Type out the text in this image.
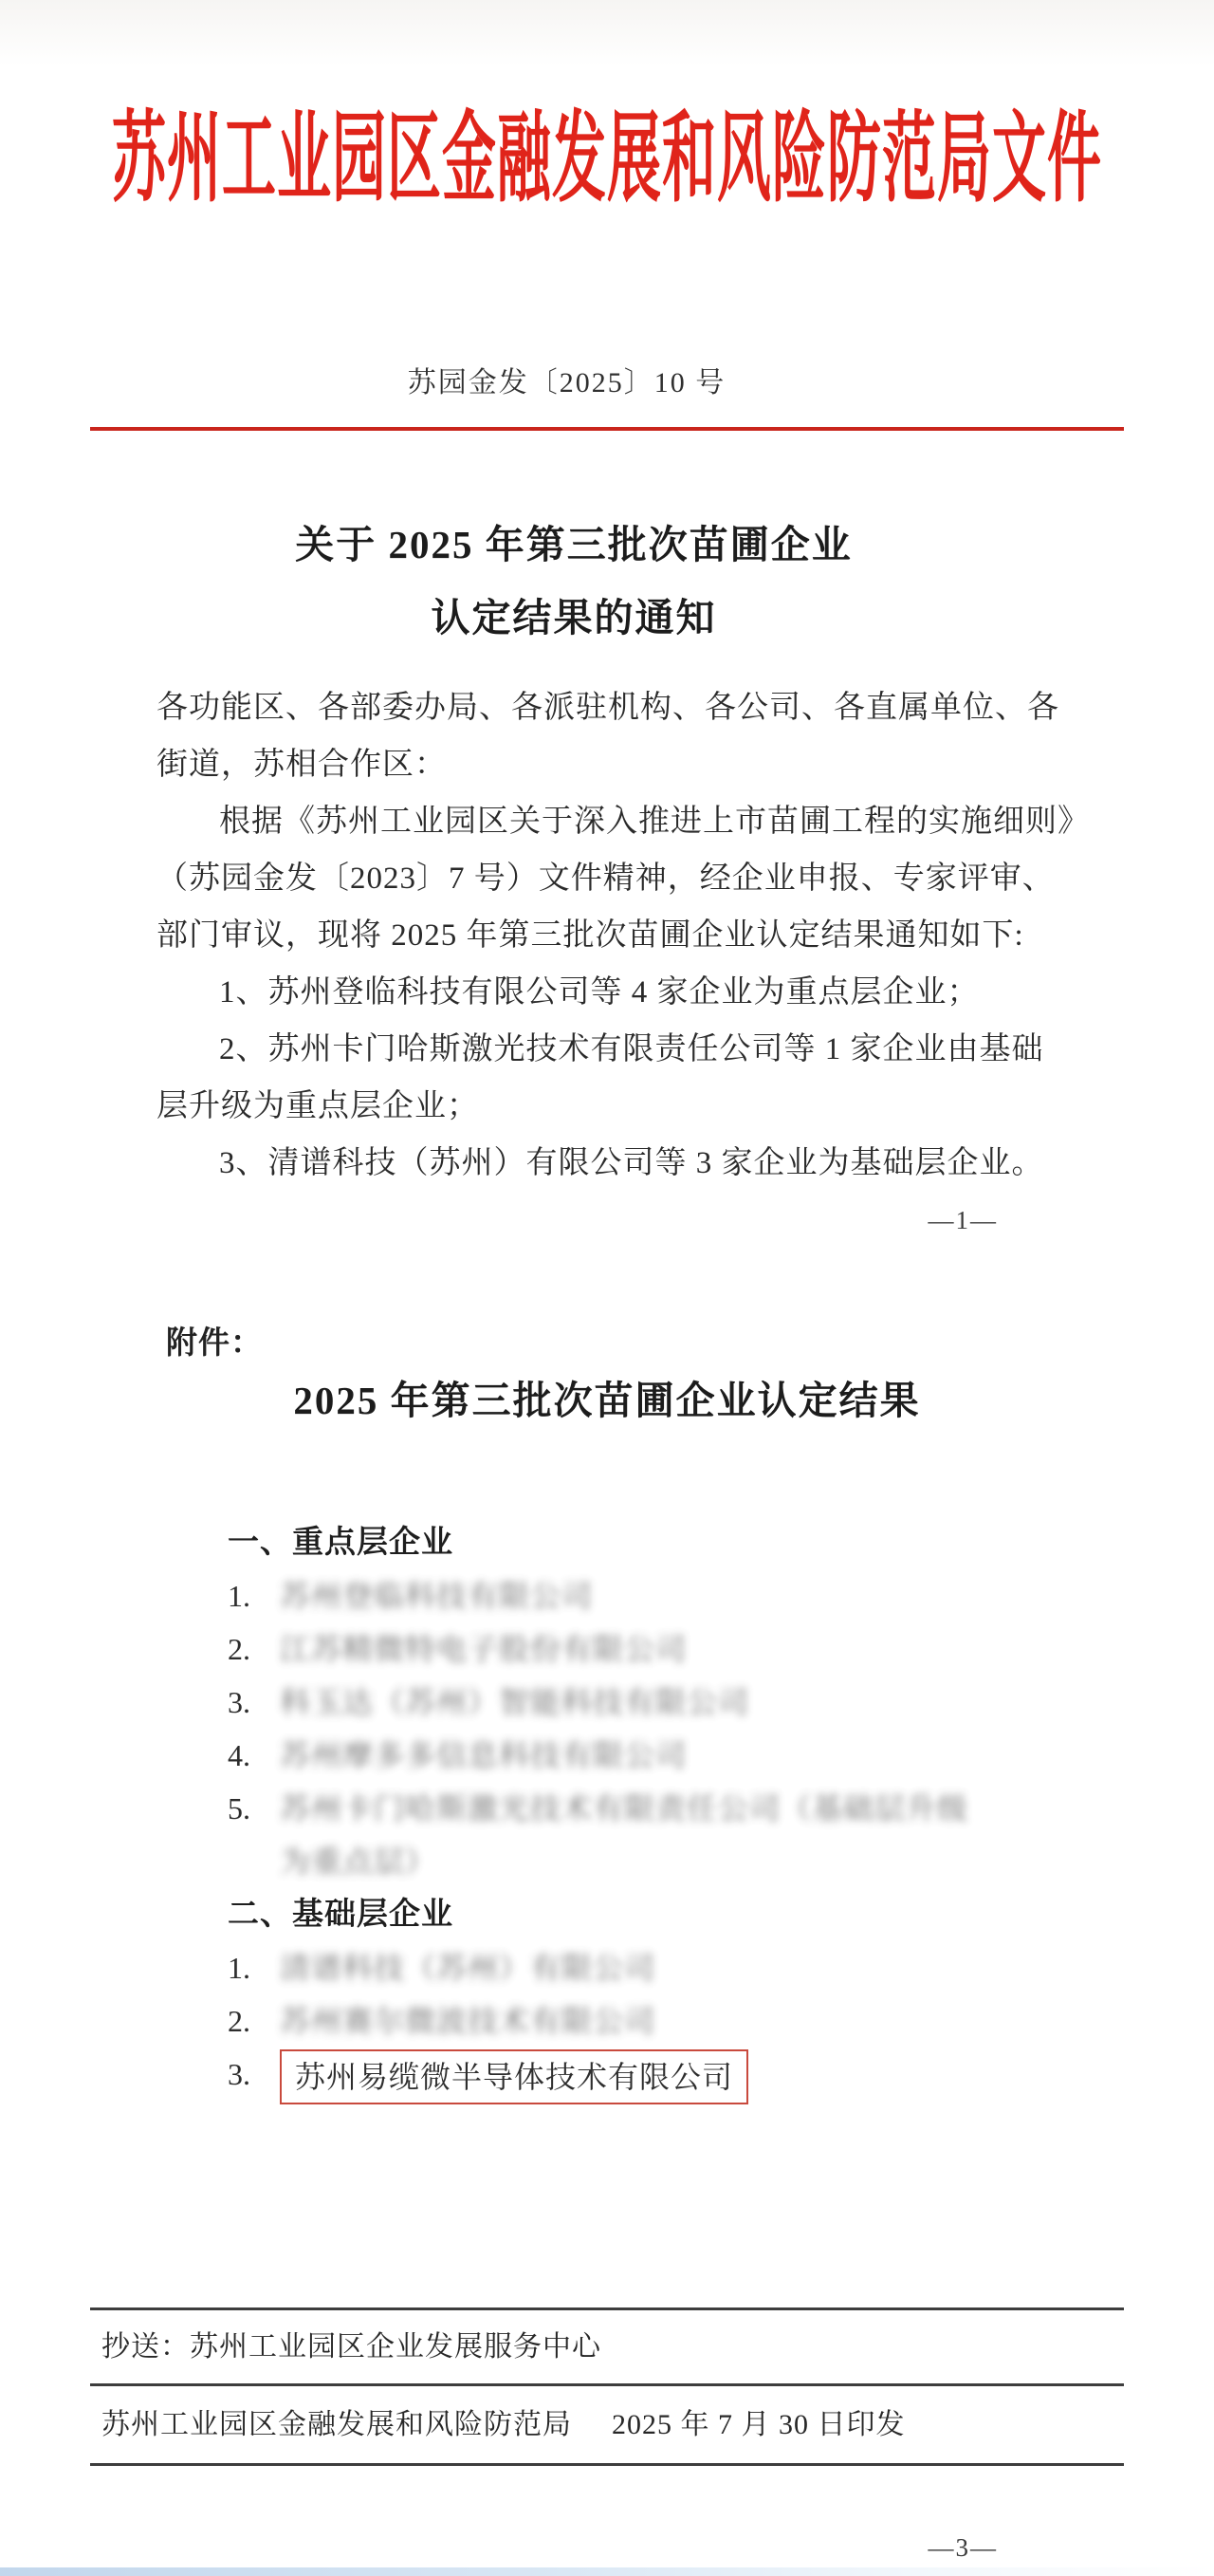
苏州工业园区金融发展和风险防范局文件
苏园金发〔2025〕10 号
关于 2025 年第三批次苗圃企业
认定结果的通知

各功能区、各部委办局、各派驻机构、各公司、各直属单位、各

街道，苏相合作区：

根据《苏州工业园区关于深入推进上市苗圃工程的实施细则》

（苏园金发〔2023〕7 号）文件精神，经企业申报、专家评审、

部门审议，现将 2025 年第三批次苗圃企业认定结果通知如下:

1、苏州登临科技有限公司等 4 家企业为重点层企业；

2、苏州卡门哈斯激光技术有限责任公司等 1 家企业由基础

层升级为重点层企业；

3、清谱科技（苏州）有限公司等 3 家企业为基础层企业。

—1—
附件：
2025 年第三批次苗圃企业认定结果
一、重点层企业
1. 苏州登临科技有限公司
2. 江苏精微特电子股份有限公司
3. 科玉达（苏州）智能科技有限公司
4. 苏州摩多多信息科技有限公司
5. 苏州卡门哈斯激光技术有限责任公司（基础层升级为重点层）
二、基础层企业
1. 清谱科技（苏州）有限公司
2. 苏州赛尔微波技术有限公司
3.	苏州易缆微半导体技术有限公司
抄送：苏州工业园区企业发展服务中心
苏州工业园区金融发展和风险防范局 2025 年 7 月 30 日印发
—3—
